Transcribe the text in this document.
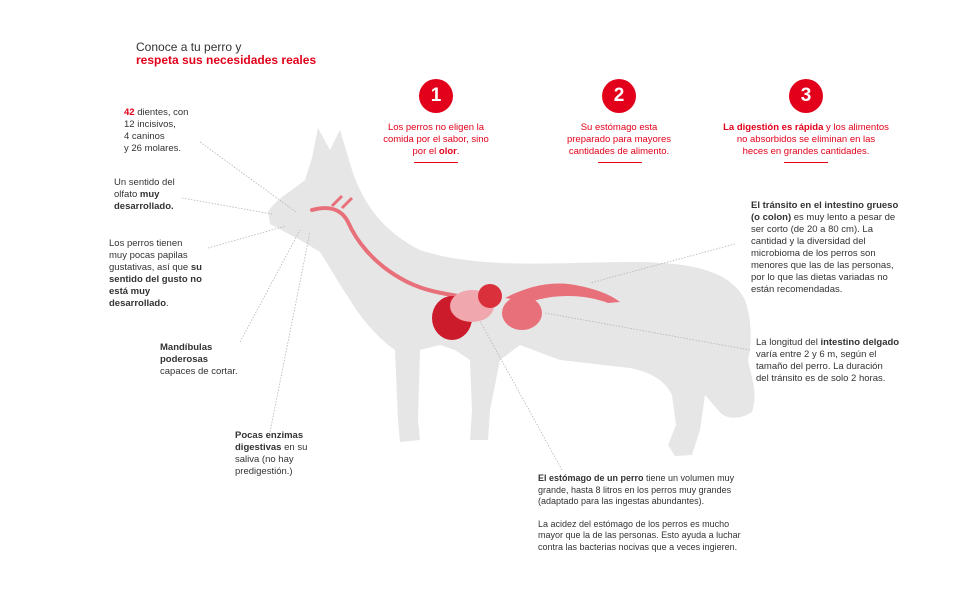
Conoce a tu perro y
respeta sus necesidades reales
1
Los perros no eligen la
comida por el sabor, sino
por el olor.
2
Su estómago esta
preparado para mayores
cantidades de alimento.
3
La digestión es rápida y los alimentos
no absorbidos se eliminan en las
heces en grandes cantidades.
42 dientes, con
12 incisivos,
4 caninos
y 26 molares.
Un sentido del
olfato muy
desarrollado.
Los perros tienen
muy pocas papilas
gustativas, así que su
sentido del gusto no
está muy
desarrollado.
Mandíbulas
poderosas
capaces de cortar.
Pocas enzimas
digestivas en su
saliva (no hay
predigestión.)
El tránsito en el intestino grueso
(o colon) es muy lento a pesar de
ser corto (de 20 a 80 cm). La
cantidad y la diversidad del
microbioma de los perros son
menores que las de las personas,
por lo que las dietas variadas no
están recomendadas.
La longitud del intestino delgado
varía entre 2 y 6 m, según el
tamaño del perro. La duración
del tránsito es de solo 2 horas.
El estómago de un perro tiene un volumen muy
grande, hasta 8 litros en los perros muy grandes
(adaptado para las ingestas abundantes).
La acidez del estómago de los perros es mucho
mayor que la de las personas. Esto ayuda a luchar
contra las bacterias nocivas que a veces ingieren.
